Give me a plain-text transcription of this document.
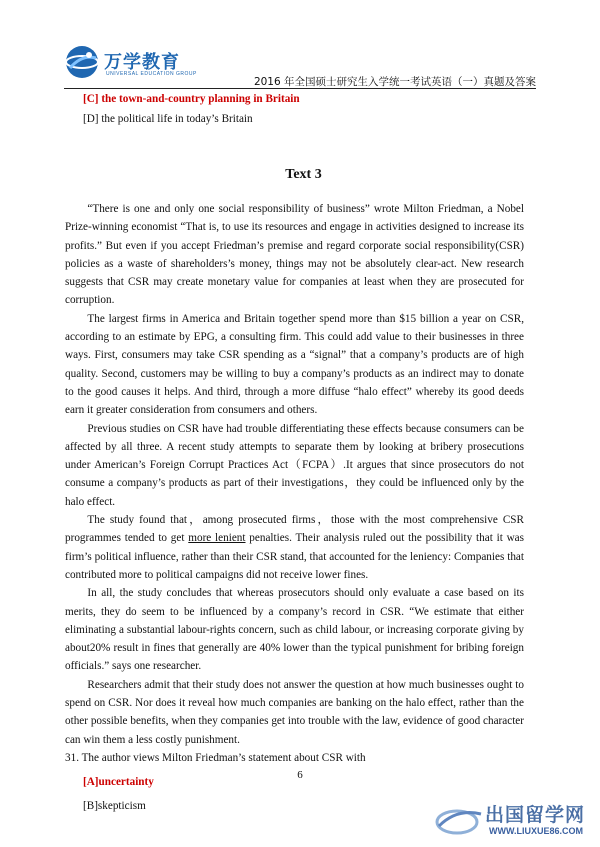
万学教育
UNIVERSAL EDUCATION GROUP
2016 年全国硕士研究生入学统一考试英语（一）真题及答案
[C] the town-and-country planning in Britain
[D] the political life in today’s Britain
Text 3

“There is one and only one social responsibility of business” wrote Milton Friedman, a Nobel Prize-winning economist “That is, to use its resources and engage in activities designed to increase its profits.” But even if you accept Friedman’s premise and regard corporate social responsibility(CSR) policies as a waste of shareholders’s money, things may not be absolutely clear-act. New research suggests that CSR may create monetary value for companies at least when they are prosecuted for corruption.

The largest firms in America and Britain together spend more than $15 billion a year on CSR, according to an estimate by EPG, a consulting firm. This could add value to their businesses in three ways. First, consumers may take CSR spending as a “signal” that a company’s products are of high quality. Second, customers may be willing to buy a company’s products as an indirect may to donate to the good causes it helps. And third, through a more diffuse “halo effect” whereby its good deeds earn it greater consideration from consumers and others.

Previous studies on CSR have had trouble differentiating these effects because consumers can be affected by all three. A recent study attempts to separate them by looking at bribery prosecutions under American’s Foreign Corrupt Practices Act（FCPA）.It argues that since prosecutors do not consume a company’s products as part of their investigations，they could be influenced only by the halo effect.

The study found that，among prosecuted firms，those with the most comprehensive CSR programmes tended to get more lenient penalties. Their analysis ruled out the possibility that it was firm’s political influence, rather than their CSR stand, that accounted for the leniency: Companies that contributed more to political campaigns did not receive lower fines.

In all, the study concludes that whereas prosecutors should only evaluate a case based on its merits, they do seem to be influenced by a company’s record in CSR. “We estimate that either eliminating a substantial labour-rights concern, such as child labour, or increasing corporate giving by about20% result in fines that generally are 40% lower than the typical punishment for bribing foreign officials.” says one researcher.

Researchers admit that their study does not answer the question at how much businesses ought to spend on CSR. Nor does it reveal how much companies are banking on the halo effect, rather than the other possible benefits, when they companies get into trouble with the law, evidence of good character can win them a less costly punishment.

31. The author views Milton Friedman’s statement about CSR with
[A]uncertainty
[B]skepticism
6
出国留学网
WWW.LIUXUE86.COM
